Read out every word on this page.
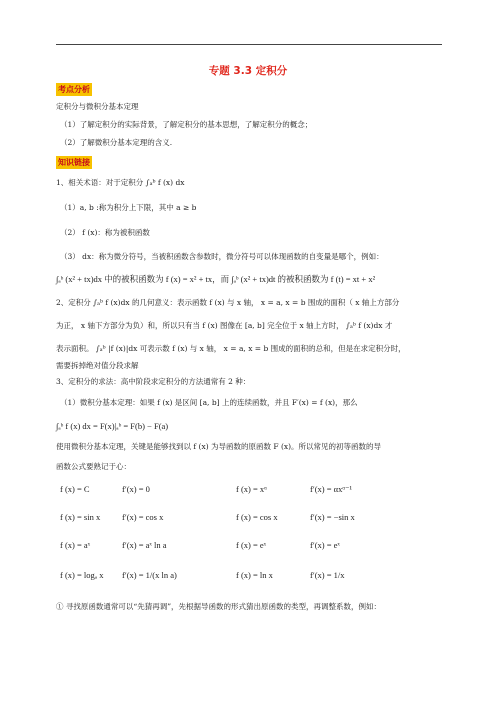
专题 3.3 定积分
考点分析
定积分与微积分基本定理
（1）了解定积分的实际背景，了解定积分的基本思想，了解定积分的概念；
（2）了解微积分基本定理的含义.
知识链接
1、相关术语：对于定积分 ∫ₐᵇ f (x) dx
（1）a, b :称为积分上下限，其中 a ≥ b
（2） f (x)：称为被积函数
（3） dx：称为微分符号，当被积函数含参数时，微分符号可以体现函数的自变量是哪个，例如：
∫ₐᵇ (x² + tx)dx 中的被积函数为 f (x) = x² + tx，而 ∫ₐᵇ (x² + tx)dt 的被积函数为 f (t) = xt + x²
2、定积分 ∫ₐᵇ f (x)dx 的几何意义：表示函数 f (x) 与 x 轴， x = a, x = b 围成的面积（ x 轴上方部分
为正， x 轴下方部分为负）和，所以只有当 f (x) 图像在 [a, b] 完全位于 x 轴上方时， ∫ₐᵇ f (x)dx 才
表示面积。 ∫ₐᵇ |f (x)|dx 可表示数 f (x) 与 x 轴， x = a, x = b 围成的面积的总和，但是在求定积分时，
需要拆掉绝对值分段求解
3、定积分的求法：高中阶段求定积分的方法通常有 2 种：
（1）微积分基本定理：如果 f (x) 是区间 [a, b] 上的连续函数，并且 F′(x) = f (x)，那么
∫ₐᵇ f (x) dx = F(x)|ₐᵇ = F(b) − F(a)
使用微积分基本定理，关键是能够找到以 f (x) 为导函数的原函数 F (x)。所以常见的初等函数的导
函数公式要熟记于心：
f (x) = C	f′(x) = 0	f (x) = xᵅ	f′(x) = αxᵅ⁻¹
f (x) = sin x	f′(x) = cos x	f (x) = cos x	f′(x) = −sin x
f (x) = aˣ	f′(x) = aˣ ln a	f (x) = eˣ	f′(x) = eˣ
f (x) = logₐ x f′(x) = 1/(x ln a)	f (x) = ln x	f′(x) = 1/x
① 寻找原函数通常可以“先猜再调”，先根据导函数的形式猜出原函数的类型，再调整系数，例如：
